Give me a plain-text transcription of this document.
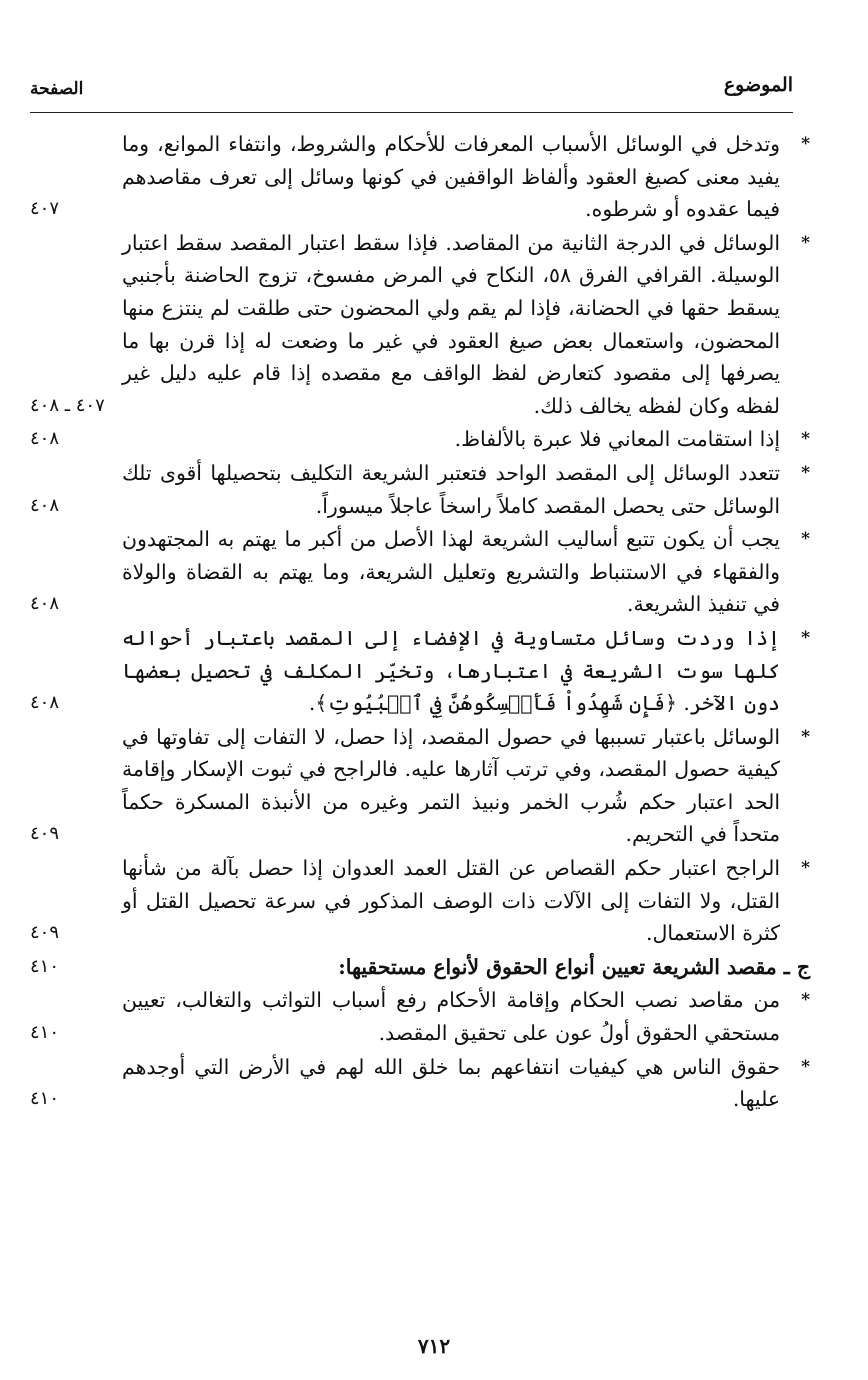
الموضوع
الصفحة
*
وتدخل في الوسائل الأسباب المعرفات للأحكام والشروط، وانتفاء الموانع، وما يفيد معنى كصيغ العقود وألفاظ الواقفين في كونها وسائل إلى تعرف مقاصدهم فيما عقدوه أو شرطوه.
٤٠٧
*
الوسائل في الدرجة الثانية من المقاصد. فإذا سقط اعتبار المقصد سقط اعتبار الوسيلة. القرافي الفرق ٥٨، النكاح في المرض مفسوخ، تزوج الحاضنة بأجنبي يسقط حقها في الحضانة، فإذا لم يقم ولي المحضون حتى طلقت لم ينتزع منها المحضون، واستعمال بعض صيغ العقود في غير ما وضعت له إذا قرن بها ما يصرفها إلى مقصود كتعارض لفظ الواقف مع مقصده إذا قام عليه دليل غير لفظه وكان لفظه يخالف ذلك.
٤٠٧ ـ ٤٠٨
*
إذا استقامت المعاني فلا عبرة بالألفاظ.
٤٠٨
*
تتعدد الوسائل إلى المقصد الواحد فتعتبر الشريعة التكليف بتحصيلها أقوى تلك الوسائل حتى يحصل المقصد كاملاً راسخاً عاجلاً ميسوراً.
٤٠٨
*
يجب أن يكون تتبع أساليب الشريعة لهذا الأصل من أكبر ما يهتم به المجتهدون والفقهاء في الاستنباط والتشريع وتعليل الشريعة، وما يهتم به القضاة والولاة في تنفيذ الشريعة.
٤٠٨
*
إذا وردت وسائل متساوية في الإفضاء إلى المقصد باعتبار أحواله كلها سوت الشريعة في اعتبارها، وتخيّر المكلف في تحصيل بعضها دون الآخر. ﴿فَإِن شَهِدُواْ فَأَمۡسِكُوهُنَّ فِي ٱلۡبُيُوتِ﴾.
٤٠٨
*
الوسائل باعتبار تسببها في حصول المقصد، إذا حصل، لا التفات إلى تفاوتها في كيفية حصول المقصد، وفي ترتب آثارها عليه. فالراجح في ثبوت الإسكار وإقامة الحد اعتبار حكم شُرب الخمر ونبيذ التمر وغيره من الأنبذة المسكرة حكماً متحداً في التحريم.
٤٠٩
*
الراجح اعتبار حكم القصاص عن القتل العمد العدوان إذا حصل بآلة من شأنها القتل، ولا التفات إلى الآلات ذات الوصف المذكور في سرعة تحصيل القتل أو كثرة الاستعمال.
٤٠٩
ج ـ مقصد الشريعة تعيين أنواع الحقوق لأنواع مستحقيها:
٤١٠
*
من مقاصد نصب الحكام وإقامة الأحكام رفع أسباب التواثب والتغالب، تعيين مستحقي الحقوق أولُ عون على تحقيق المقصد.
٤١٠
*
حقوق الناس هي كيفيات انتفاعهم بما خلق الله لهم في الأرض التي أوجدهم عليها.
٤١٠
٧١٢
